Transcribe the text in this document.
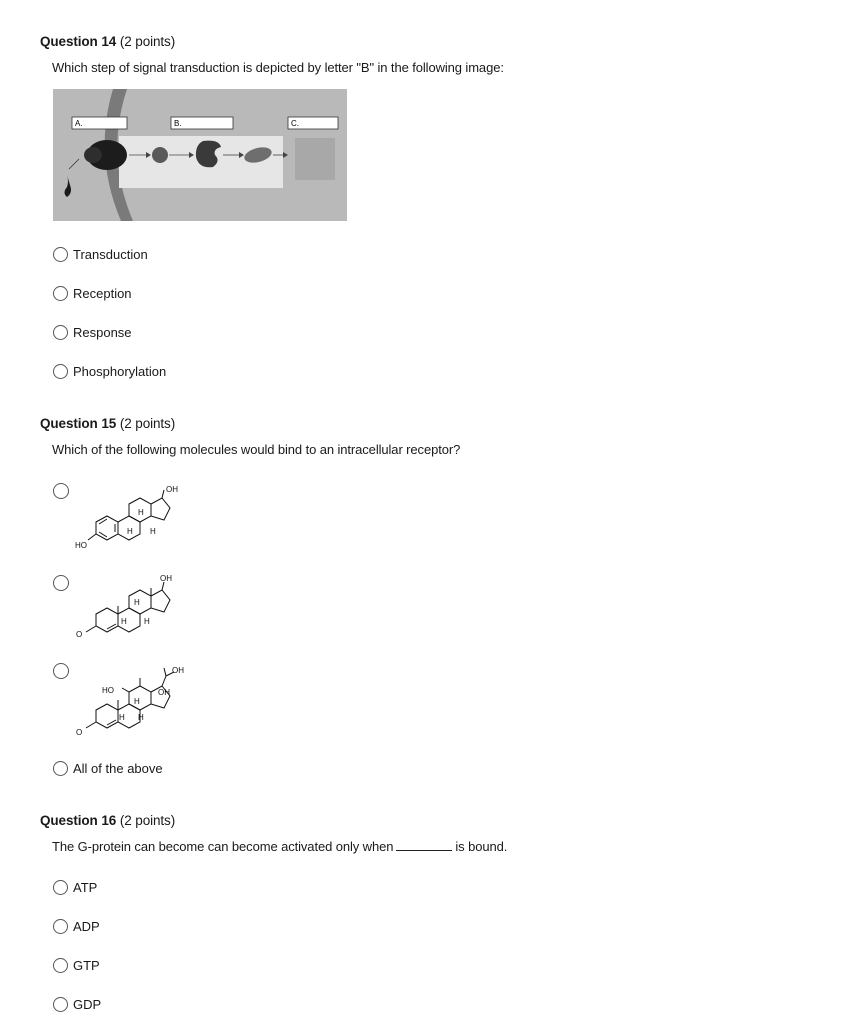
Question 14 (2 points)
Which step of signal transduction is depicted by letter "B" in the following image:
A.	B.	C.
Transduction
Reception
Response
Phosphorylation
Question 15 (2 points)
Which of the following molecules would bind to an intracellular receptor?
OH
H
H H
HO
OH
H
H H
O
OH
HO	OH
H
H H
O
All of the above
Question 16 (2 points)
The G-protein can become can become activated only when	is bound.
ATP
ADP
GTP
GDP
